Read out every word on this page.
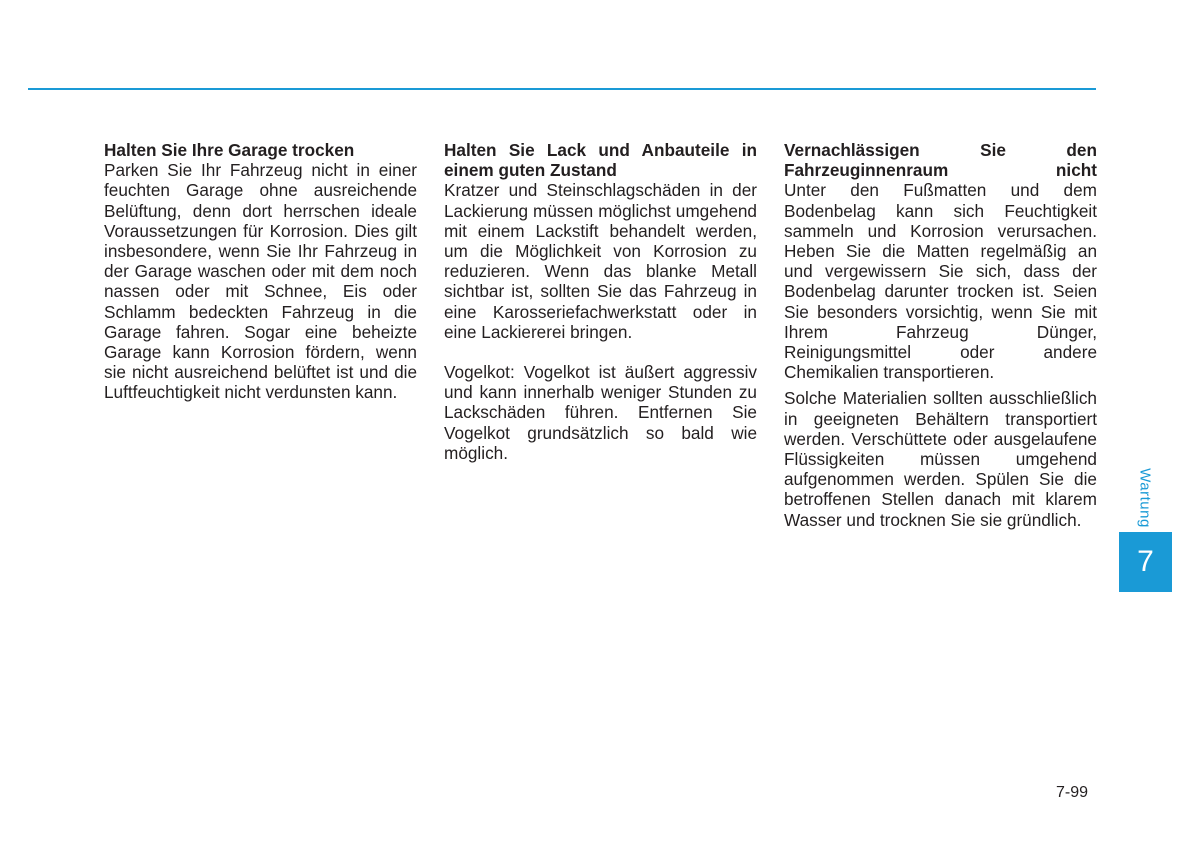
Halten Sie Ihre Garage trocken

Parken Sie Ihr Fahrzeug nicht in einer feuchten Garage ohne ausreichende Belüftung, denn dort herrschen ideale Voraussetzungen für Korrosion. Dies gilt insbesondere, wenn Sie Ihr Fahrzeug in der Garage waschen oder mit dem noch nassen oder mit Schnee, Eis oder Schlamm bedeckten Fahrzeug in die Garage fahren. Sogar eine beheizte Garage kann Korrosion fördern, wenn sie nicht ausreichend belüftet ist und die Luftfeuchtigkeit nicht verdunsten kann.

Halten Sie Lack und Anbauteile in einem guten Zustand

Kratzer und Steinschlagschäden in der Lackierung müssen möglichst umgehend mit einem Lackstift behandelt werden, um die Möglichkeit von Korrosion zu reduzieren. Wenn das blanke Metall sichtbar ist, sollten Sie das Fahrzeug in eine Karosseriefachwerkstatt oder in eine Lackiererei bringen.

Vogelkot: Vogelkot ist äußert aggressiv und kann innerhalb weniger Stunden zu Lackschäden führen. Entfernen Sie Vogelkot grundsätzlich so bald wie möglich.

Vernachlässigen Sie den Fahrzeuginnenraum nicht

Unter den Fußmatten und dem Bodenbelag kann sich Feuchtigkeit sammeln und Korrosion verursachen. Heben Sie die Matten regelmäßig an und vergewissern Sie sich, dass der Bodenbelag darunter trocken ist. Seien Sie besonders vorsichtig, wenn Sie mit Ihrem Fahrzeug Dünger, Reinigungsmittel oder andere Chemikalien transportieren.

Solche Materialien sollten ausschließlich in geeigneten Behältern transportiert werden. Verschüttete oder ausgelaufene Flüssigkeiten müssen umgehend aufgenommen werden. Spülen Sie die betroffenen Stellen danach mit klarem Wasser und trocknen Sie sie gründlich.	Wartung
7
7-99
